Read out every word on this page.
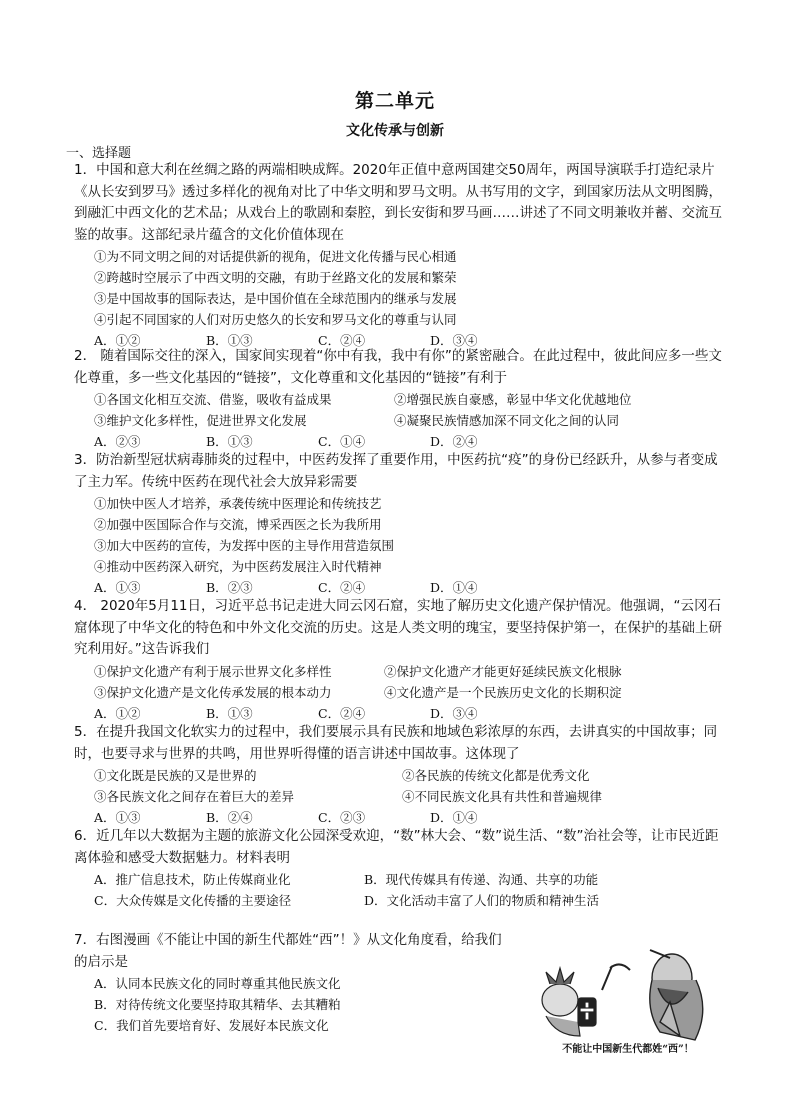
第二单元
文化传承与创新
一、选择题
1．中国和意大利在丝绸之路的两端相映成辉。2020年正值中意两国建交50周年，两国导演联手打造纪录片《从长安到罗马》透过多样化的视角对比了中华文明和罗马文明。从书写用的文字，到国家历法从文明图腾，到融汇中西文化的艺术品；从戏台上的歌剧和秦腔，到长安街和罗马画……讲述了不同文明兼收并蓄、交流互鉴的故事。这部纪录片蕴含的文化价值体现在
①为不同文明之间的对话提供新的视角，促进文化传播与民心相通
②跨越时空展示了中西文明的交融，有助于丝路文化的发展和繁荣
③是中国故事的国际表达，是中国价值在全球范围内的继承与发展
④引起不同国家的人们对历史悠久的长安和罗马文化的尊重与认同
A．①②	B．①③	C．②④	D．③④
2． 随着国际交往的深入，国家间实现着“你中有我，我中有你”的紧密融合。在此过程中，彼此间应多一些文化尊重，多一些文化基因的“链接”，文化尊重和文化基因的“链接”有利于
①各国文化相互交流、借鉴，吸收有益成果	②增强民族自豪感，彰显中华文化优越地位
③维护文化多样性，促进世界文化发展	④凝聚民族情感加深不同文化之间的认同
A．②③	B．①③	C．①④	D．②④
3．防治新型冠状病毒肺炎的过程中，中医药发挥了重要作用，中医药抗“疫”的身份已经跃升，从参与者变成了主力军。传统中医药在现代社会大放异彩需要
①加快中医人才培养，承袭传统中医理论和传统技艺
②加强中医国际合作与交流，博采西医之长为我所用
③加大中医药的宣传，为发挥中医的主导作用营造氛围
④推动中医药深入研究，为中医药发展注入时代精神
A．①③	B．②③	C．②④	D．①④
4． 2020年5月11日，习近平总书记走进大同云冈石窟，实地了解历史文化遗产保护情况。他强调，“云冈石窟体现了中华文化的特色和中外文化交流的历史。这是人类文明的瑰宝，要坚持保护第一，在保护的基础上研究利用好。”这告诉我们
①保护文化遗产有利于展示世界文化多样性	②保护文化遗产才能更好延续民族文化根脉
③保护文化遗产是文化传承发展的根本动力	④文化遗产是一个民族历史文化的长期积淀
A．①②	B．①③	C．②④	D．③④
5．在提升我国文化软实力的过程中，我们要展示具有民族和地域色彩浓厚的东西，去讲真实的中国故事；同时，也要寻求与世界的共鸣，用世界听得懂的语言讲述中国故事。这体现了
①文化既是民族的又是世界的	②各民族的传统文化都是优秀文化
③各民族文化之间存在着巨大的差异	④不同民族文化具有共性和普遍规律
A．①③	B．②④	C．②③	D．①④
6．近几年以大数据为主题的旅游文化公园深受欢迎，“数”林大会、“数”说生活、“数”治社会等，让市民近距离体验和感受大数据魅力。材料表明
A．推广信息技术，防止传媒商业化	B．现代传媒具有传递、沟通、共享的功能
C．大众传媒是文化传播的主要途径	D．文化活动丰富了人们的物质和精神生活
7．右图漫画《不能让中国的新生代都姓“西”！》从文化角度看，给我们的启示是
A．认同本民族文化的同时尊重其他民族文化
B．对待传统文化要坚持取其精华、去其糟粕
C．我们首先要培育好、发展好本民族文化
不能让中国新生代都姓“西”！
